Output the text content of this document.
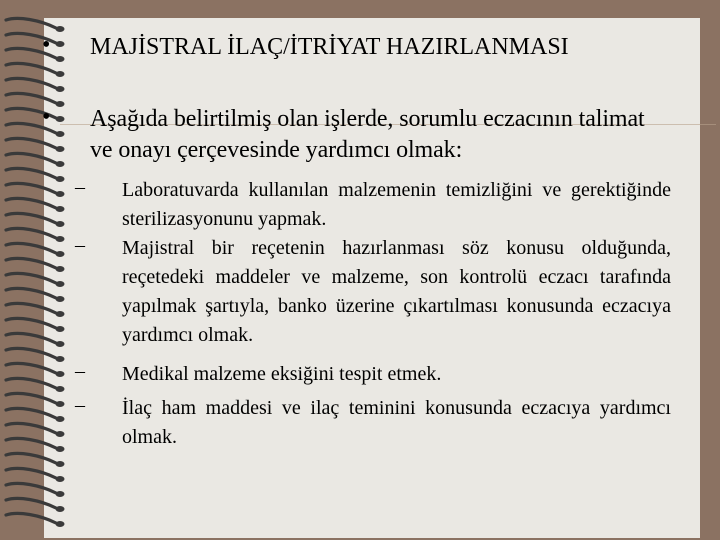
•	MAJİSTRAL İLAÇ/İTRİYAT HAZIRLANMASI
•	Aşağıda belirtilmiş olan işlerde, sorumlu eczacının talimat ve onayı çerçevesinde yardımcı olmak:
– Laboratuvarda kullanılan malzemenin temizliğini ve gerektiğinde sterilizasyonunu yapmak.
– Majistral bir reçetenin hazırlanması söz konusu olduğunda, reçetedeki maddeler ve malzeme, son kontrolü eczacı tarafında yapılmak şartıyla, banko üzerine çıkartılması konusunda eczacıya yardımcı olmak.
– Medikal malzeme eksiğini tespit etmek.
– İlaç ham maddesi ve ilaç teminini konusunda eczacıya yardımcı olmak.
